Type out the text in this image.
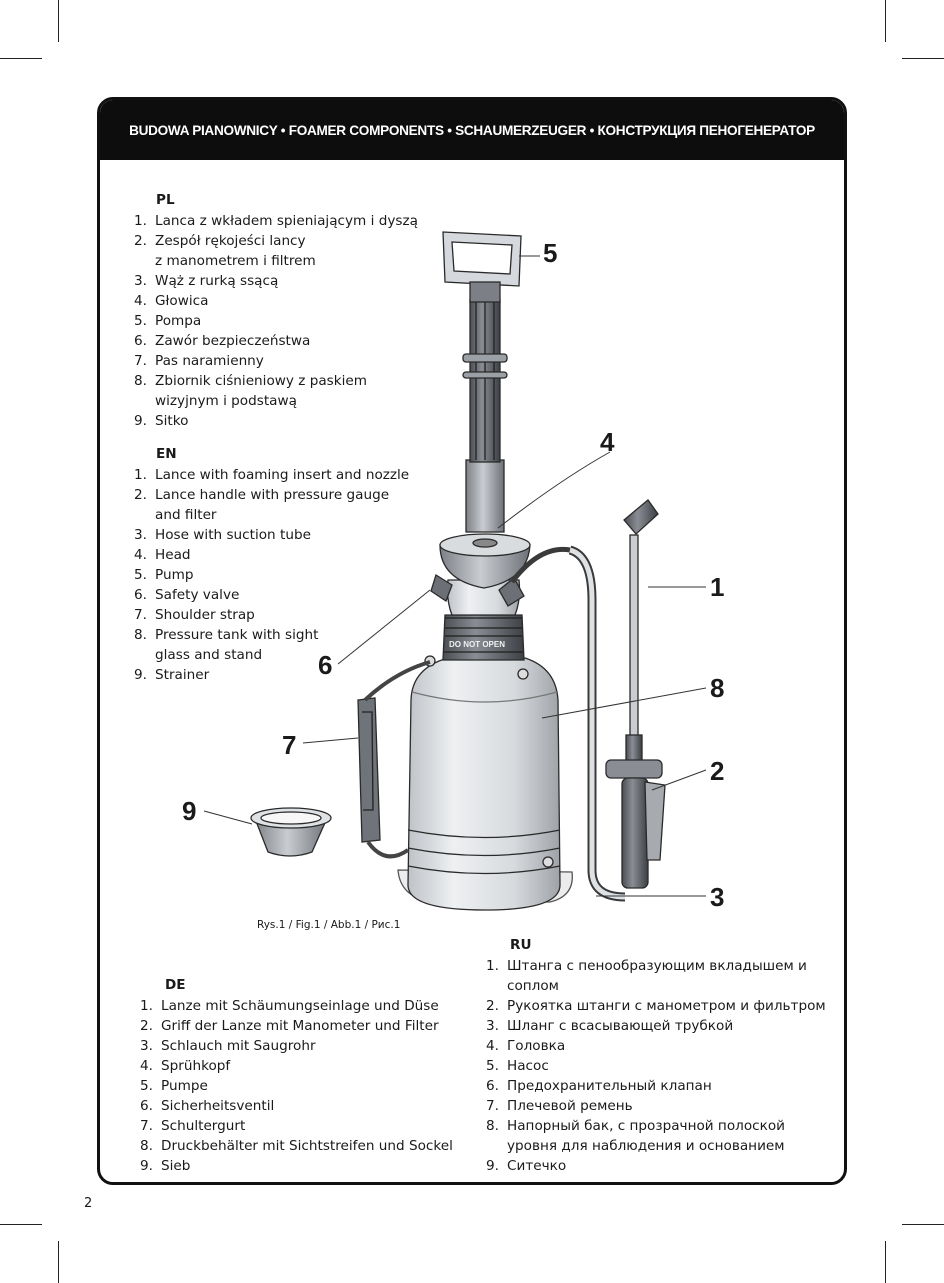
BUDOWA PIANOWNICY • FOAMER COMPONENTS • SCHAUMERZEUGER • КОНСТРУКЦИЯ ПЕНОГЕНЕРАТОР
DO NOT OPEN
5
4
1
6
8
7
2
9
3
PL
1. Lanca z wkładem spieniającym i dyszą
2. Zespół rękojeści lancy
z manometrem i filtrem
3. Wąż z rurką ssącą
4. Głowica
5. Pompa
6. Zawór bezpieczeństwa
7. Pas naramienny
8. Zbiornik ciśnieniowy z paskiem
wizyjnym i podstawą
9. Sitko
EN
1. Lance with foaming insert and nozzle
2. Lance handle with pressure gauge
and filter
3. Hose with suction tube
4. Head
5. Pump
6. Safety valve
7. Shoulder strap
8. Pressure tank with sight
glass and stand
9. Strainer
Rys.1 / Fig.1 / Abb.1 / Рис.1
DE
1. Lanze mit Schäumungseinlage und Düse
2. Griff der Lanze mit Manometer und Filter
3. Schlauch mit Saugrohr
4. Sprühkopf
5. Pumpe
6. Sicherheitsventil
7. Schultergurt
8. Druckbehälter mit Sichtstreifen und Sockel
9. Sieb
RU
1. Штанга с пенообразующим вкладышем и
соплом
2. Рукоятка штанги с манометром и фильтром
3. Шланг с всасывающей трубкой
4. Головка
5. Насос
6. Предохранительный клапан
7. Плечевой ремень
8. Напорный бак, с прозрачной полоской
уровня для наблюдения и основанием
9. Ситечко
2
